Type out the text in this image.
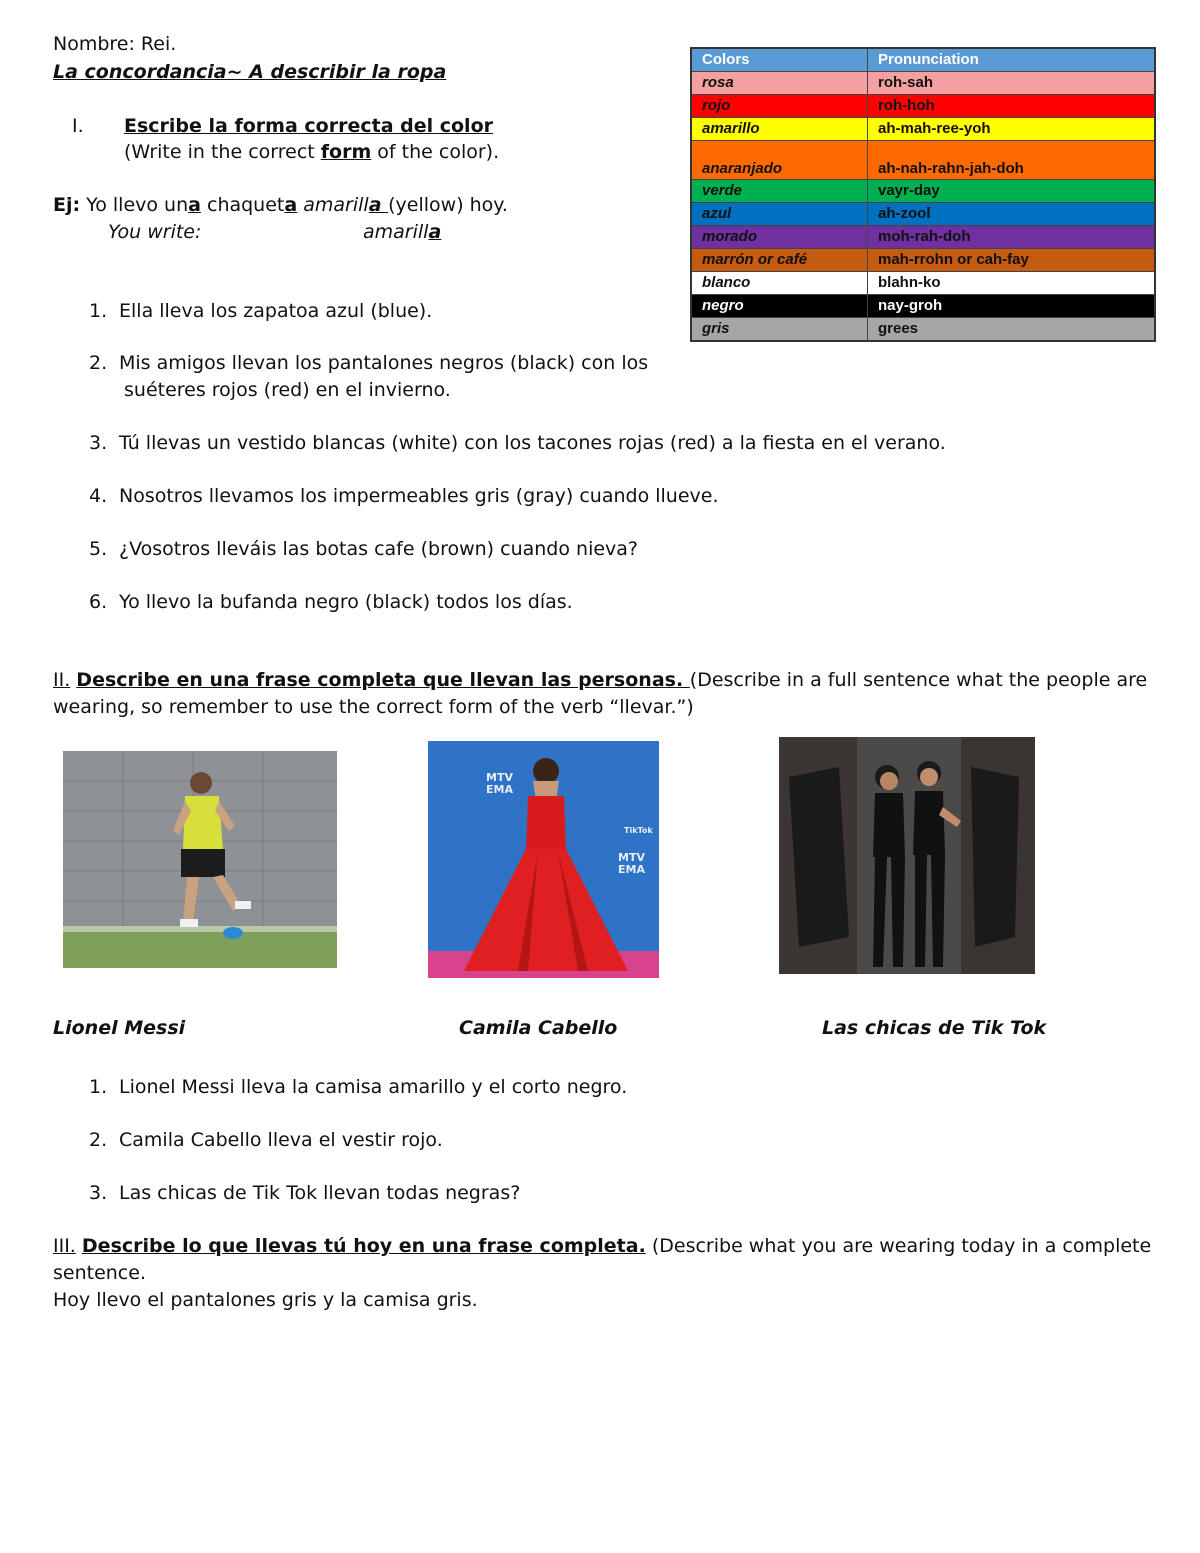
Nombre: Rei.
La concordancia~ A describir la ropa
I. Escribe la forma correcta del color
(Write in the correct form of the color).
Ej: Yo llevo una chaqueta amarilla (yellow) hoy.
You write:	amarilla
1. Ella lleva los zapatoa azul (blue).
2. Mis amigos llevan los pantalones negros (black) con los
suéteres rojos (red) en el invierno.
3. Tú llevas un vestido blancas (white) con los tacones rojas (red) a la fiesta en el verano.
4. Nosotros llevamos los impermeables gris (gray) cuando llueve.
5. ¿Vosotros lleváis las botas cafe (brown) cuando nieva?
6. Yo llevo la bufanda negro (black) todos los días.
Colors	Pronunciation
rosa	roh-sah
rojo	roh-hoh
amarillo	ah-mah-ree-yoh
anaranjado	ah-nah-rahn-jah-doh
verde	vayr-day
azul	ah-zool
morado	moh-rah-doh
marrón or café	mah-rrohn or cah-fay
blanco	blahn-ko
negro	nay-groh
gris	grees
II. Describe en una frase completa que llevan las personas. (Describe in a full sentence what the people are
wearing, so remember to use the correct form of the verb “llevar.”)
MTV
EMA
MTV
EMA
TikTok
Lionel Messi	Camila Cabello	Las chicas de Tik Tok
1. Lionel Messi lleva la camisa amarillo y el corto negro.
2. Camila Cabello lleva el vestir rojo.
3. Las chicas de Tik Tok llevan todas negras?
III. Describe lo que llevas tú hoy en una frase completa. (Describe what you are wearing today in a complete
sentence.
Hoy llevo el pantalones gris y la camisa gris.
